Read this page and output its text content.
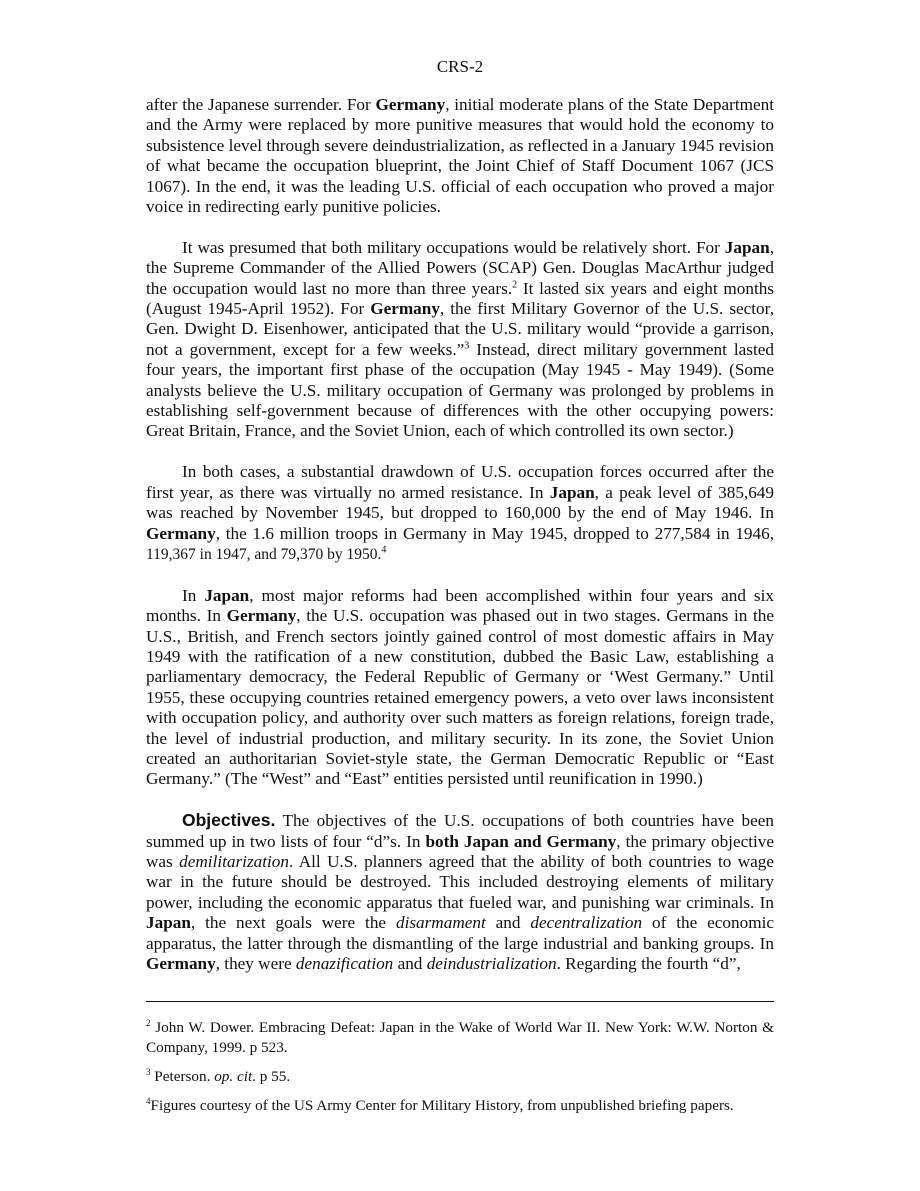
CRS-2

after the Japanese surrender. For Germany, initial moderate plans of the State Department and the Army were replaced by more punitive measures that would hold the economy to subsistence level through severe deindustrialization, as reflected in a January 1945 revision of what became the occupation blueprint, the Joint Chief of Staff Document 1067 (JCS 1067). In the end, it was the leading U.S. official of each occupation who proved a major voice in redirecting early punitive policies.

It was presumed that both military occupations would be relatively short. For Japan, the Supreme Commander of the Allied Powers (SCAP) Gen. Douglas MacArthur judged the occupation would last no more than three years.$^2$ It lasted six years and eight months (August 1945-April 1952). For Germany, the first Military Governor of the U.S. sector, Gen. Dwight D. Eisenhower, anticipated that the U.S. military would “provide a garrison, not a government, except for a few weeks.”$^3$ Instead, direct military government lasted four years, the important first phase of the occupation (May 1945 - May 1949). (Some analysts believe the U.S. military occupation of Germany was prolonged by problems in establishing self-government because of differences with the other occupying powers: Great Britain, France, and the Soviet Union, each of which controlled its own sector.)

In both cases, a substantial drawdown of U.S. occupation forces occurred after the first year, as there was virtually no armed resistance. In Japan, a peak level of 385,649 was reached by November 1945, but dropped to 160,000 by the end of May 1946. In Germany, the 1.6 million troops in Germany in May 1945, dropped to 277,584 in 1946, 119,367 in 1947, and 79,370 by 1950.$^4$

In Japan, most major reforms had been accomplished within four years and six months. In Germany, the U.S. occupation was phased out in two stages. Germans in the U.S., British, and French sectors jointly gained control of most domestic affairs in May 1949 with the ratification of a new constitution, dubbed the Basic Law, establishing a parliamentary democracy, the Federal Republic of Germany or ‘West Germany.” Until 1955, these occupying countries retained emergency powers, a veto over laws inconsistent with occupation policy, and authority over such matters as foreign relations, foreign trade, the level of industrial production, and military security. In its zone, the Soviet Union created an authoritarian Soviet-style state, the German Democratic Republic or “East Germany.” (The “West” and “East” entities persisted until reunification in 1990.)

Objectives. The objectives of the U.S. occupations of both countries have been summed up in two lists of four “d”s. In both Japan and Germany, the primary objective was demilitarization. All U.S. planners agreed that the ability of both countries to wage war in the future should be destroyed. This included destroying elements of military power, including the economic apparatus that fueled war, and punishing war criminals. In Japan, the next goals were the disarmament and decentralization of the economic apparatus, the latter through the dismantling of the large industrial and banking groups. In Germany, they were denazification and deindustrialization. Regarding the fourth “d”,

$^2$ John W. Dower. Embracing Defeat: Japan in the Wake of World War II. New York: W.W. Norton & Company, 1999. p 523.

$^3$ Peterson. op. cit. p 55.

$^4$Figures courtesy of the US Army Center for Military History, from unpublished briefing papers.
